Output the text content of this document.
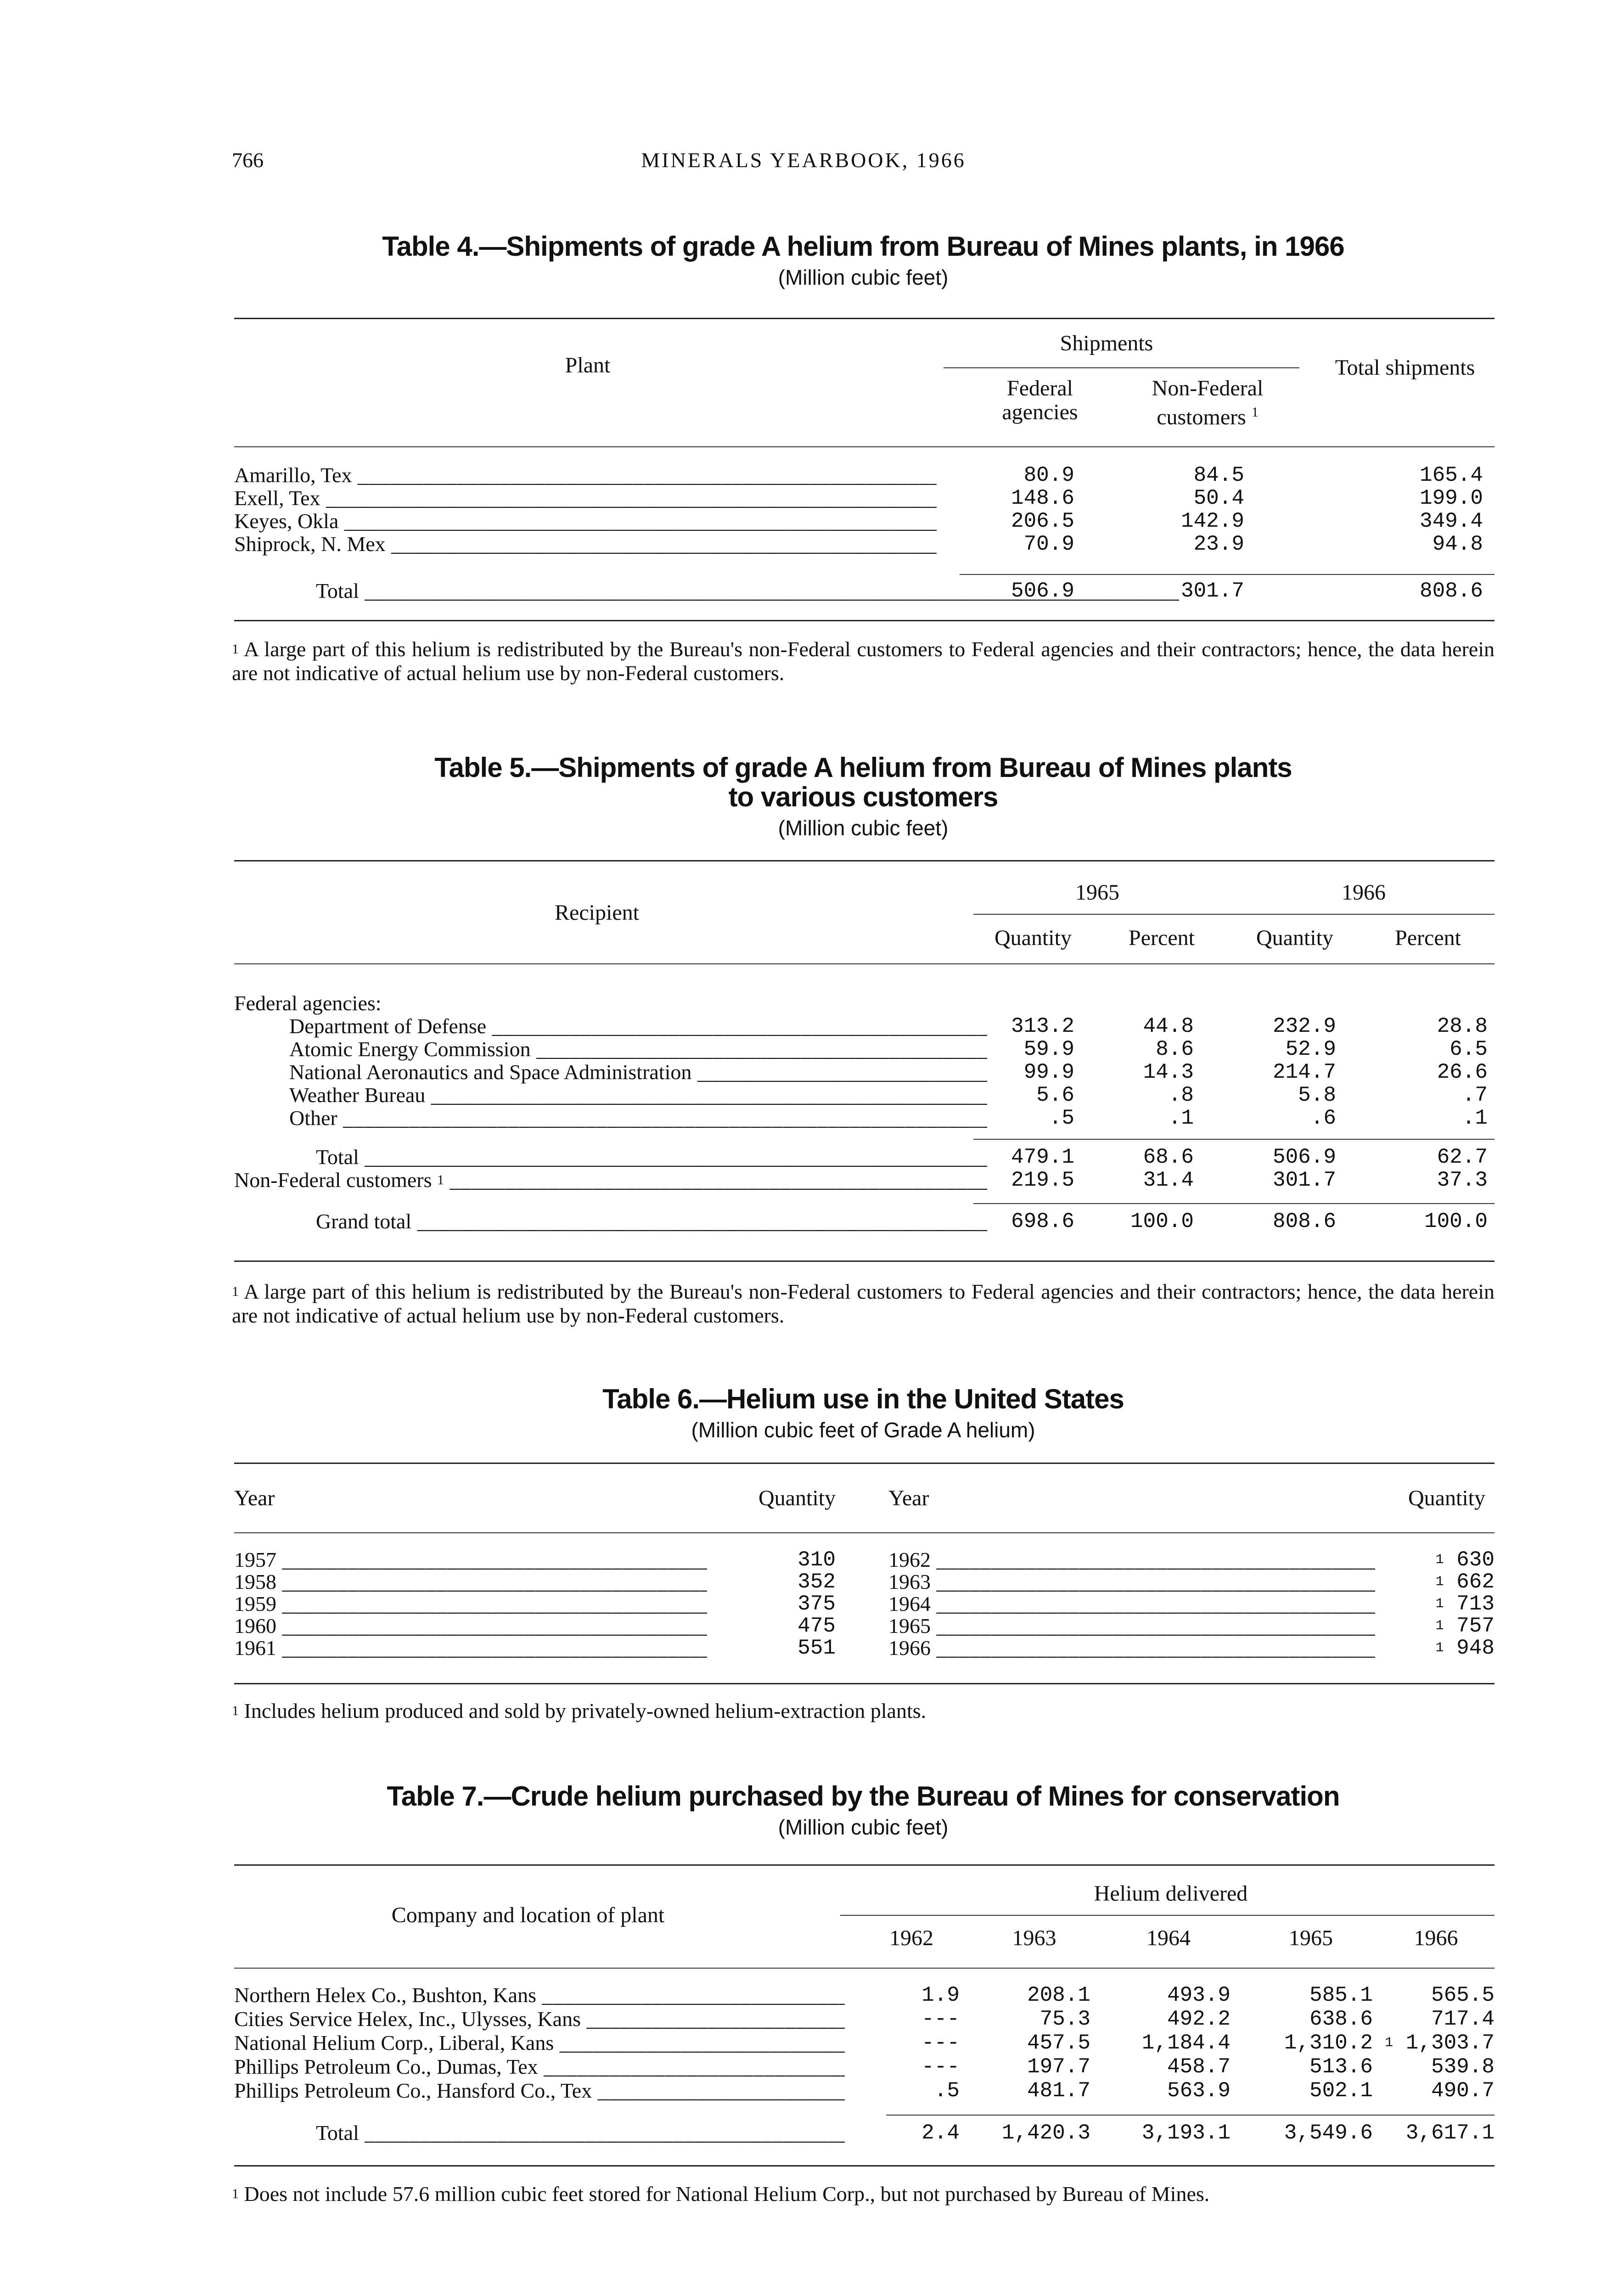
766	MINERALS YEARBOOK, 1966
Table 4.—Shipments of grade A helium from Bureau of Mines plants, in 1966
(Million cubic feet)
Plant
Shipments
Federal agencies
Non-Federal customers $^1$
Total shipments
Amarillo, Tex _____	80.9	84.5	165.4
Exell, Tex _____	148.6	50.4	199.0
Keyes, Okla _____	206.5	142.9	349.4
Shiprock, N. Mex _____	70.9	23.9	94.8
Total _____	506.9	301.7	808.6
$^1$ A large part of this helium is redistributed by the Bureau's non-Federal customers to Federal agencies and their contractors; hence, the data herein are not indicative of actual helium use by non-Federal customers.
Table 5.—Shipments of grade A helium from Bureau of Mines plants to various customers
(Million cubic feet)
Recipient
1965	1966
Quantity	Percent	Quantity	Percent
Federal agencies:
Department of Defense _____	313.2	44.8	232.9	28.8
Atomic Energy Commission _____	59.9	8.6	52.9	6.5
National Aeronautics and Space Administration _____	99.9	14.3	214.7	26.6
Weather Bureau _____	5.6	.8	5.8	.7
Other _____	.5	.1	.6	.1
Total _____	479.1	68.6	506.9	62.7
Non-Federal customers $^1$ _____	219.5	31.4	301.7	37.3
Grand total _____	698.6	100.0	808.6	100.0
$^1$ A large part of this helium is redistributed by the Bureau's non-Federal customers to Federal agencies and their contractors; hence, the data herein are not indicative of actual helium use by non-Federal customers.
Table 6.—Helium use in the United States
(Million cubic feet of Grade A helium)
Year	Quantity Year	Quantity
1957 _____	310	1962 _____	$^1$ 630
1958 _____	352	1963 _____	$^1$ 662
1959 _____	375	1964 _____	$^1$ 713
1960 _____	475	1965 _____	$^1$ 757
1961 _____	551	1966 _____	$^1$ 948
$^1$ Includes helium produced and sold by privately-owned helium-extraction plants.
Table 7.—Crude helium purchased by the Bureau of Mines for conservation
(Million cubic feet)
Company and location of plant
Helium delivered
1962	1963	1964	1965	1966
Northern Helex Co., Bushton, Kans _____	1.9	208.1	493.9	585.1	565.5
Cities Service Helex, Inc., Ulysses, Kans _____	---	75.3	492.2	638.6	717.4
National Helium Corp., Liberal, Kans _____	---	457.5	1,184.4	1,310.2 $^1$ 1,303.7
Phillips Petroleum Co., Dumas, Tex _____	---	197.7	458.7	513.6	539.8
Phillips Petroleum Co., Hansford Co., Tex _____	.5	481.7	563.9	502.1	490.7
Total _____	2.4	1,420.3	3,193.1	3,549.6	3,617.1
$^1$ Does not include 57.6 million cubic feet stored for National Helium Corp., but not purchased by Bureau of Mines.
